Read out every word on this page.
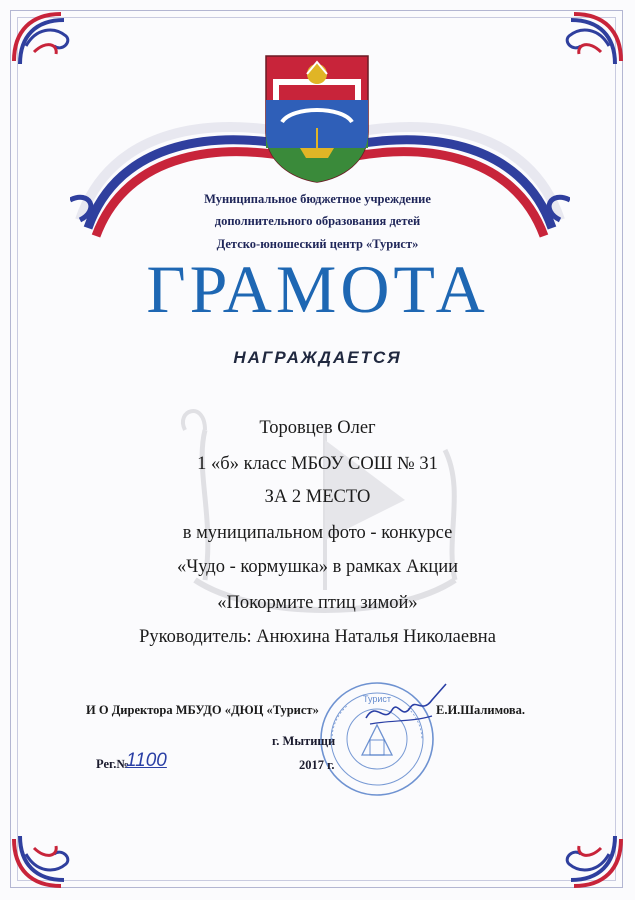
Муниципальное бюджетное учреждение
дополнительного образования детей
Детско-юношеский центр «Турист»
ГРАМОТА
НАГРАЖДАЕТСЯ
Торовцев Олег
1 «б» класс МБОУ СОШ № 31
ЗА 2 МЕСТО
в муниципальном фото - конкурсе
«Чудо - кормушка» в рамках Акции
«Покормите птиц зимой»
Руководитель: Анюхина Наталья Николаевна
Турист
И О Директора МБУДО «ДЮЦ «Турист»	Е.И.Шалимова.
г. Мытищи
2017 г.
Рег.№
1100
